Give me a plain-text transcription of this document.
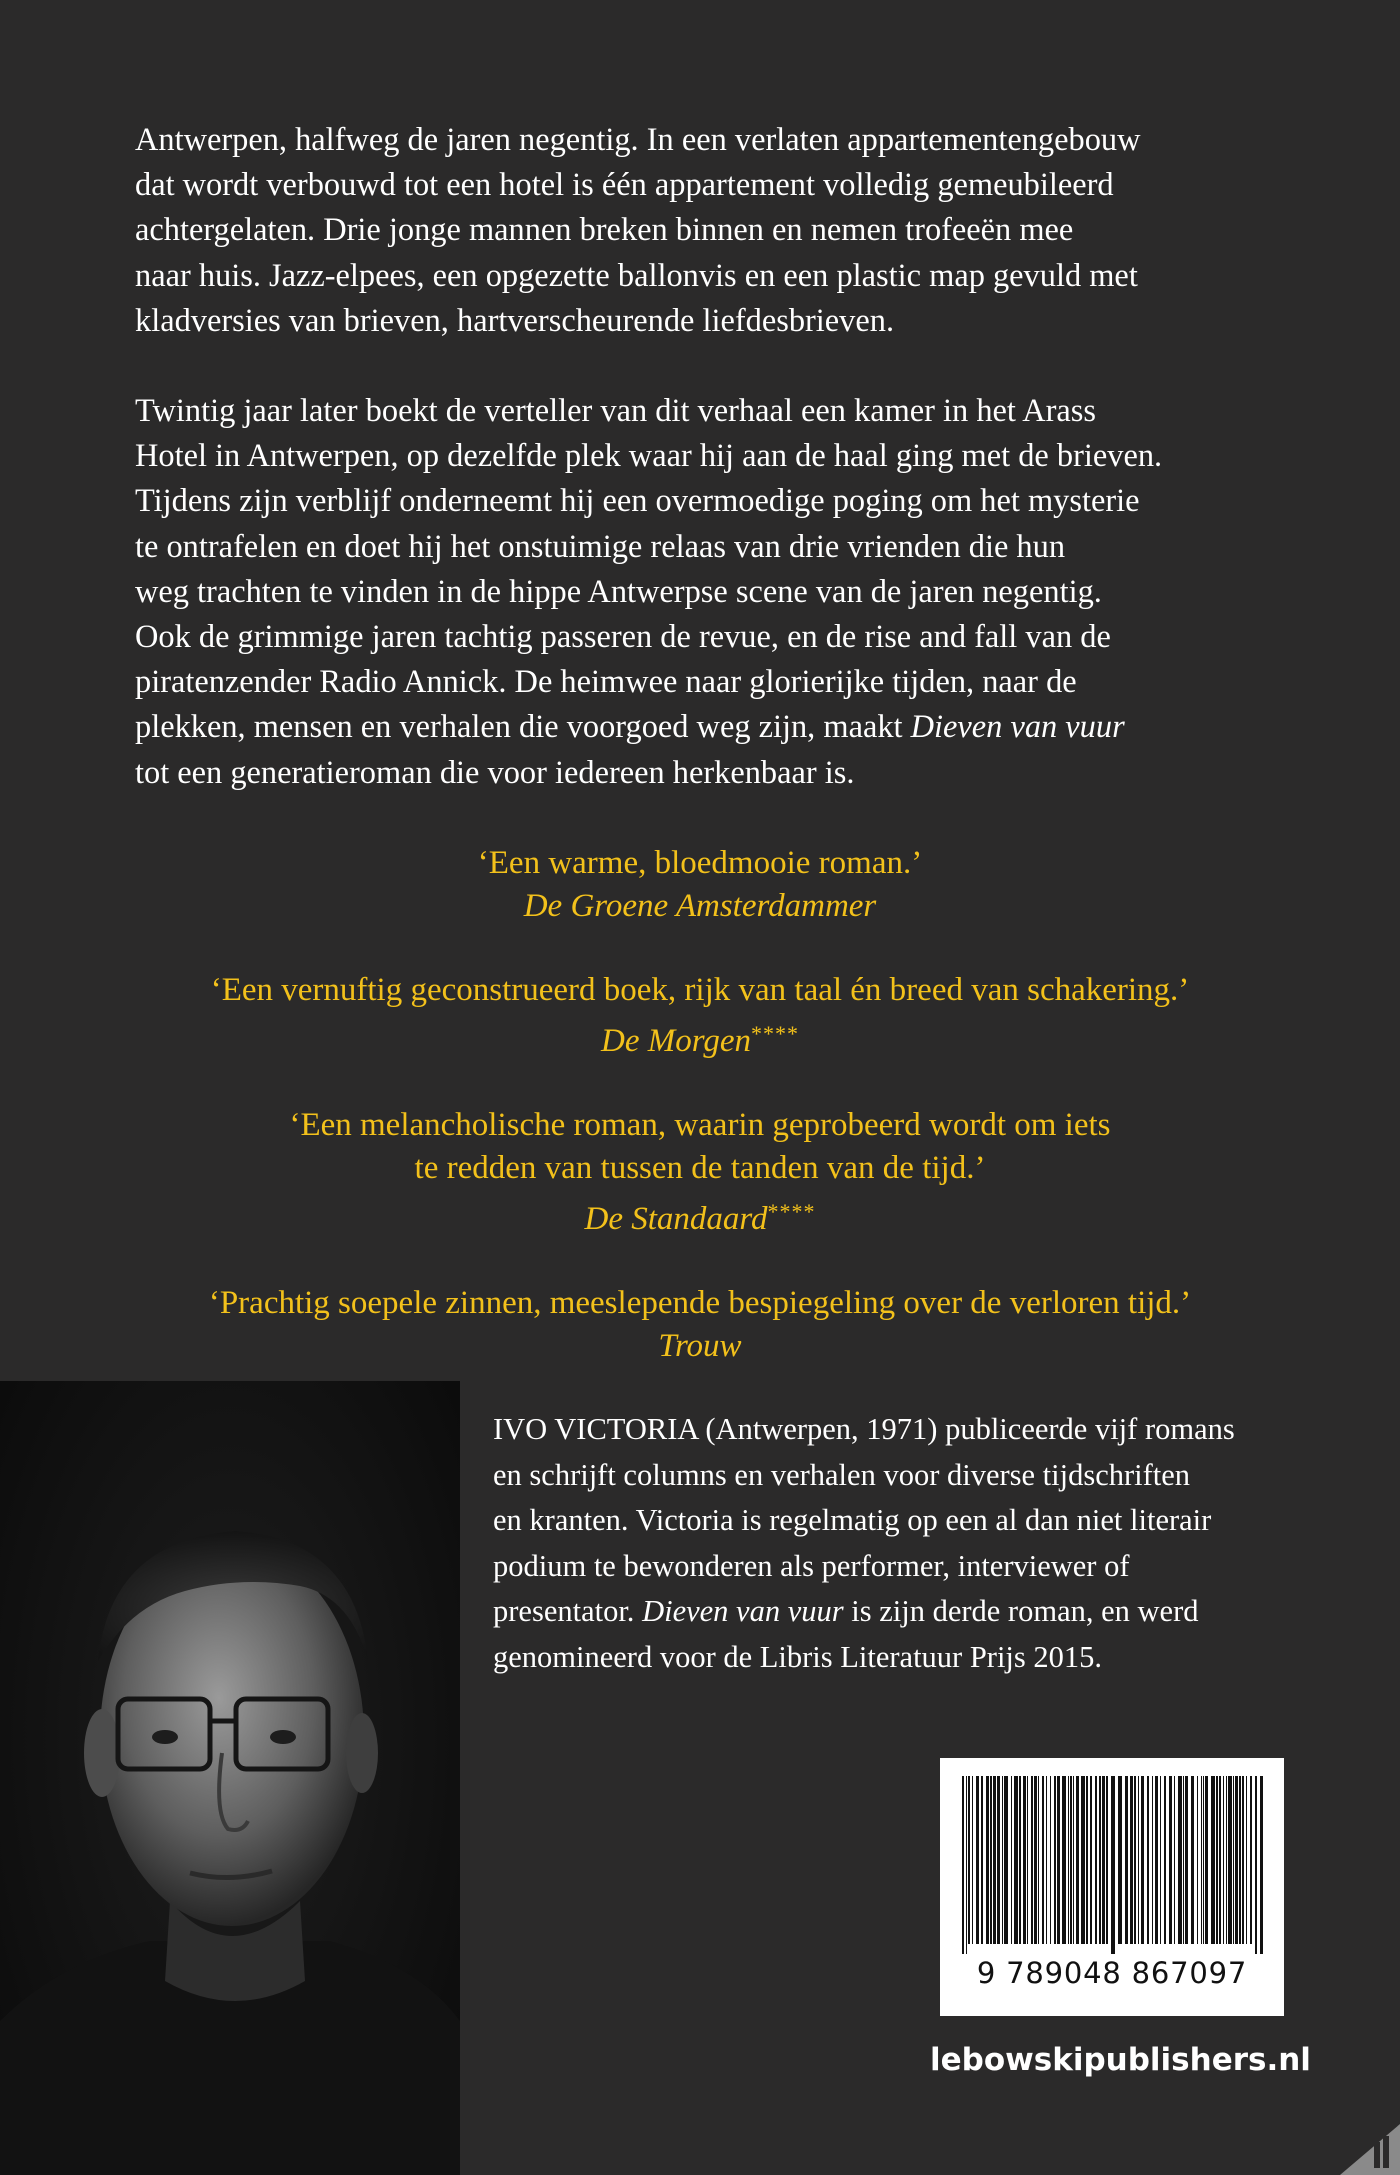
Antwerpen, halfweg de jaren negentig. In een verlaten appartementengebouw
dat wordt verbouwd tot een hotel is één appartement volledig gemeubileerd
achtergelaten. Drie jonge mannen breken binnen en nemen trofeeën mee
naar huis. Jazz-elpees, een opgezette ballonvis en een plastic map gevuld met
kladversies van brieven, hartverscheurende liefdesbrieven.

Twintig jaar later boekt de verteller van dit verhaal een kamer in het Arass
Hotel in Antwerpen, op dezelfde plek waar hij aan de haal ging met de brieven.
Tijdens zijn verblijf onderneemt hij een overmoedige poging om het mysterie
te ontrafelen en doet hij het onstuimige relaas van drie vrienden die hun
weg trachten te vinden in de hippe Antwerpse scene van de jaren negentig.
Ook de grimmige jaren tachtig passeren de revue, en de rise and fall van de
piratenzender Radio Annick. De heimwee naar glorierijke tijden, naar de
plekken, mensen en verhalen die voorgoed weg zijn, maakt Dieven van vuur
tot een generatieroman die voor iedereen herkenbaar is.

‘Een warme, bloedmooie roman.’
De Groene Amsterdammer
‘Een vernuftig geconstrueerd boek, rijk van taal én breed van schakering.’
De Morgen****
‘Een melancholische roman, waarin geprobeerd wordt om iets
te redden van tussen de tanden van de tijd.’
De Standaard****
‘Prachtig soepele zinnen, meeslepende bespiegeling over de verloren tijd.’
Trouw
IVO VICTORIA (Antwerpen, 1971) publiceerde vijf romans
en schrijft columns en verhalen voor diverse tijdschriften
en kranten. Victoria is regelmatig op een al dan niet literair
podium te bewonderen als performer, interviewer of
presentator. Dieven van vuur is zijn derde roman, en werd
genomineerd voor de Libris Literatuur Prijs 2015.
9 789048 867097
lebowskipublishers.nl
